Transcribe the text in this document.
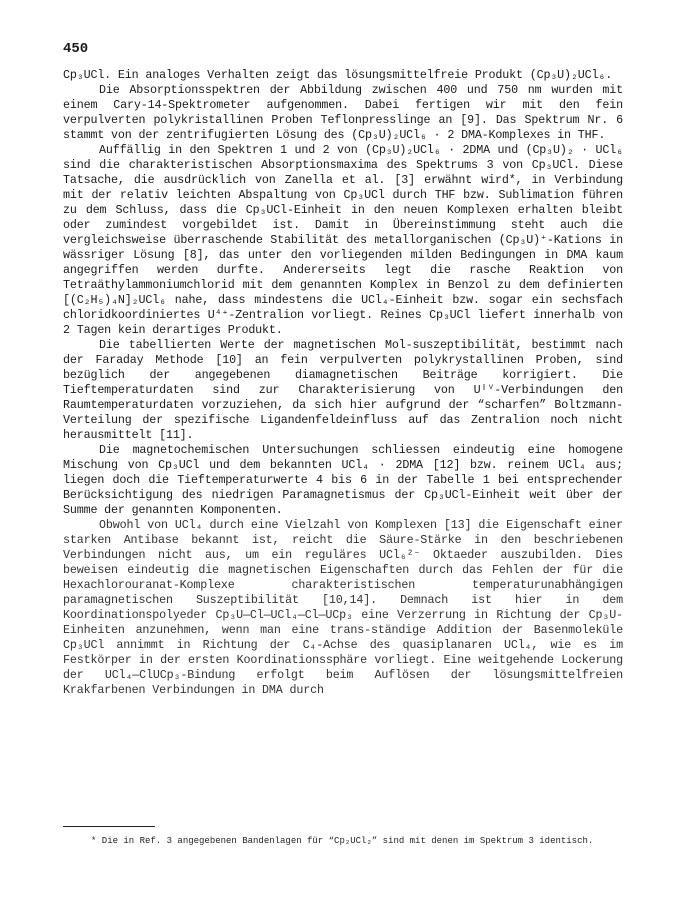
450

Cp₃UCl. Ein analoges Verhalten zeigt das lösungsmittelfreie Produkt (Cp₃U)₂UCl₆.

Die Absorptionsspektren der Abbildung zwischen 400 und 750 nm wurden mit einem Cary-14-Spektrometer aufgenommen. Dabei fertigen wir mit den fein verpulverten polykristallinen Proben Teflonpresslinge an [9]. Das Spektrum Nr. 6 stammt von der zentrifugierten Lösung des (Cp₃U)₂UCl₆ · 2 DMA-Komplexes in THF.

Auffällig in den Spektren 1 und 2 von (Cp₃U)₂UCl₆ · 2DMA und (Cp₃U)₂ · UCl₆ sind die charakteristischen Absorptionsmaxima des Spektrums 3 von Cp₃UCl. Diese Tatsache, die ausdrücklich von Zanella et al. [3] erwähnt wird*, in Verbindung mit der relativ leichten Abspaltung von Cp₃UCl durch THF bzw. Sublimation führen zu dem Schluss, dass die Cp₃UCl-Einheit in den neuen Komplexen erhalten bleibt oder zumindest vorgebildet ist. Damit in Übereinstimmung steht auch die vergleichsweise überraschende Stabilität des metallorganischen (Cp₃U)⁺-Kations in wässriger Lösung [8], das unter den vorliegenden milden Bedingungen in DMA kaum angegriffen werden durfte. Andererseits legt die rasche Reaktion von Tetraäthylammoniumchlorid mit dem genannten Komplex in Benzol zu dem definierten [(C₂H₅)₄N]₂UCl₆ nahe, dass mindestens die UCl₄-Einheit bzw. sogar ein sechsfach chloridkoordiniertes U⁴⁺-Zentralion vorliegt. Reines Cp₃UCl liefert innerhalb von 2 Tagen kein derartiges Produkt.

Die tabellierten Werte der magnetischen Mol-suszeptibilität, bestimmt nach der Faraday Methode [10] an fein verpulverten polykrystallinen Proben, sind bezüglich der angegebenen diamagnetischen Beiträge korrigiert. Die Tieftemperaturdaten sind zur Charakterisierung von Uᴵⱽ-Verbindungen den Raumtemperaturdaten vorzuziehen, da sich hier aufgrund der “scharfen” Boltzmann-Verteilung der spezifische Ligandenfeldeinfluss auf das Zentralion noch nicht herausmittelt [11].

Die magnetochemischen Untersuchungen schliessen eindeutig eine homogene Mischung von Cp₃UCl und dem bekannten UCl₄ · 2DMA [12] bzw. reinem UCl₄ aus; liegen doch die Tieftemperaturwerte 4 bis 6 in der Tabelle 1 bei entsprechender Berücksichtigung des niedrigen Paramagnetismus der Cp₃UCl-Einheit weit über der Summe der genannten Komponenten.

Obwohl von UCl₄ durch eine Vielzahl von Komplexen [13] die Eigenschaft einer starken Antibase bekannt ist, reicht die Säure-Stärke in den beschriebenen Verbindungen nicht aus, um ein reguläres UCl₆²⁻ Oktaeder auszubilden. Dies beweisen eindeutig die magnetischen Eigenschaften durch das Fehlen der für die Hexachlorouranat-Komplexe charakteristischen temperaturunabhängigen paramagnetischen Suszeptibilität [10,14]. Demnach ist hier in dem Koordinationspolyeder Cp₃U—Cl—UCl₄—Cl—UCp₃ eine Verzerrung in Richtung der Cp₃U-Einheiten anzunehmen, wenn man eine trans-ständige Addition der Basenmoleküle Cp₃UCl annimmt in Richtung der C₄-Achse des quasiplanaren UCl₄, wie es im Festkörper in der ersten Koordinationssphäre vorliegt. Eine weitgehende Lockerung der UCl₄—ClUCp₃-Bindung erfolgt beim Auflösen der lösungsmittelfreien Krakfarbenen Verbindungen in DMA durch

* Die in Ref. 3 angegebenen Bandenlagen für “Cp₂UCl₂” sind mit denen im Spektrum 3 identisch.
